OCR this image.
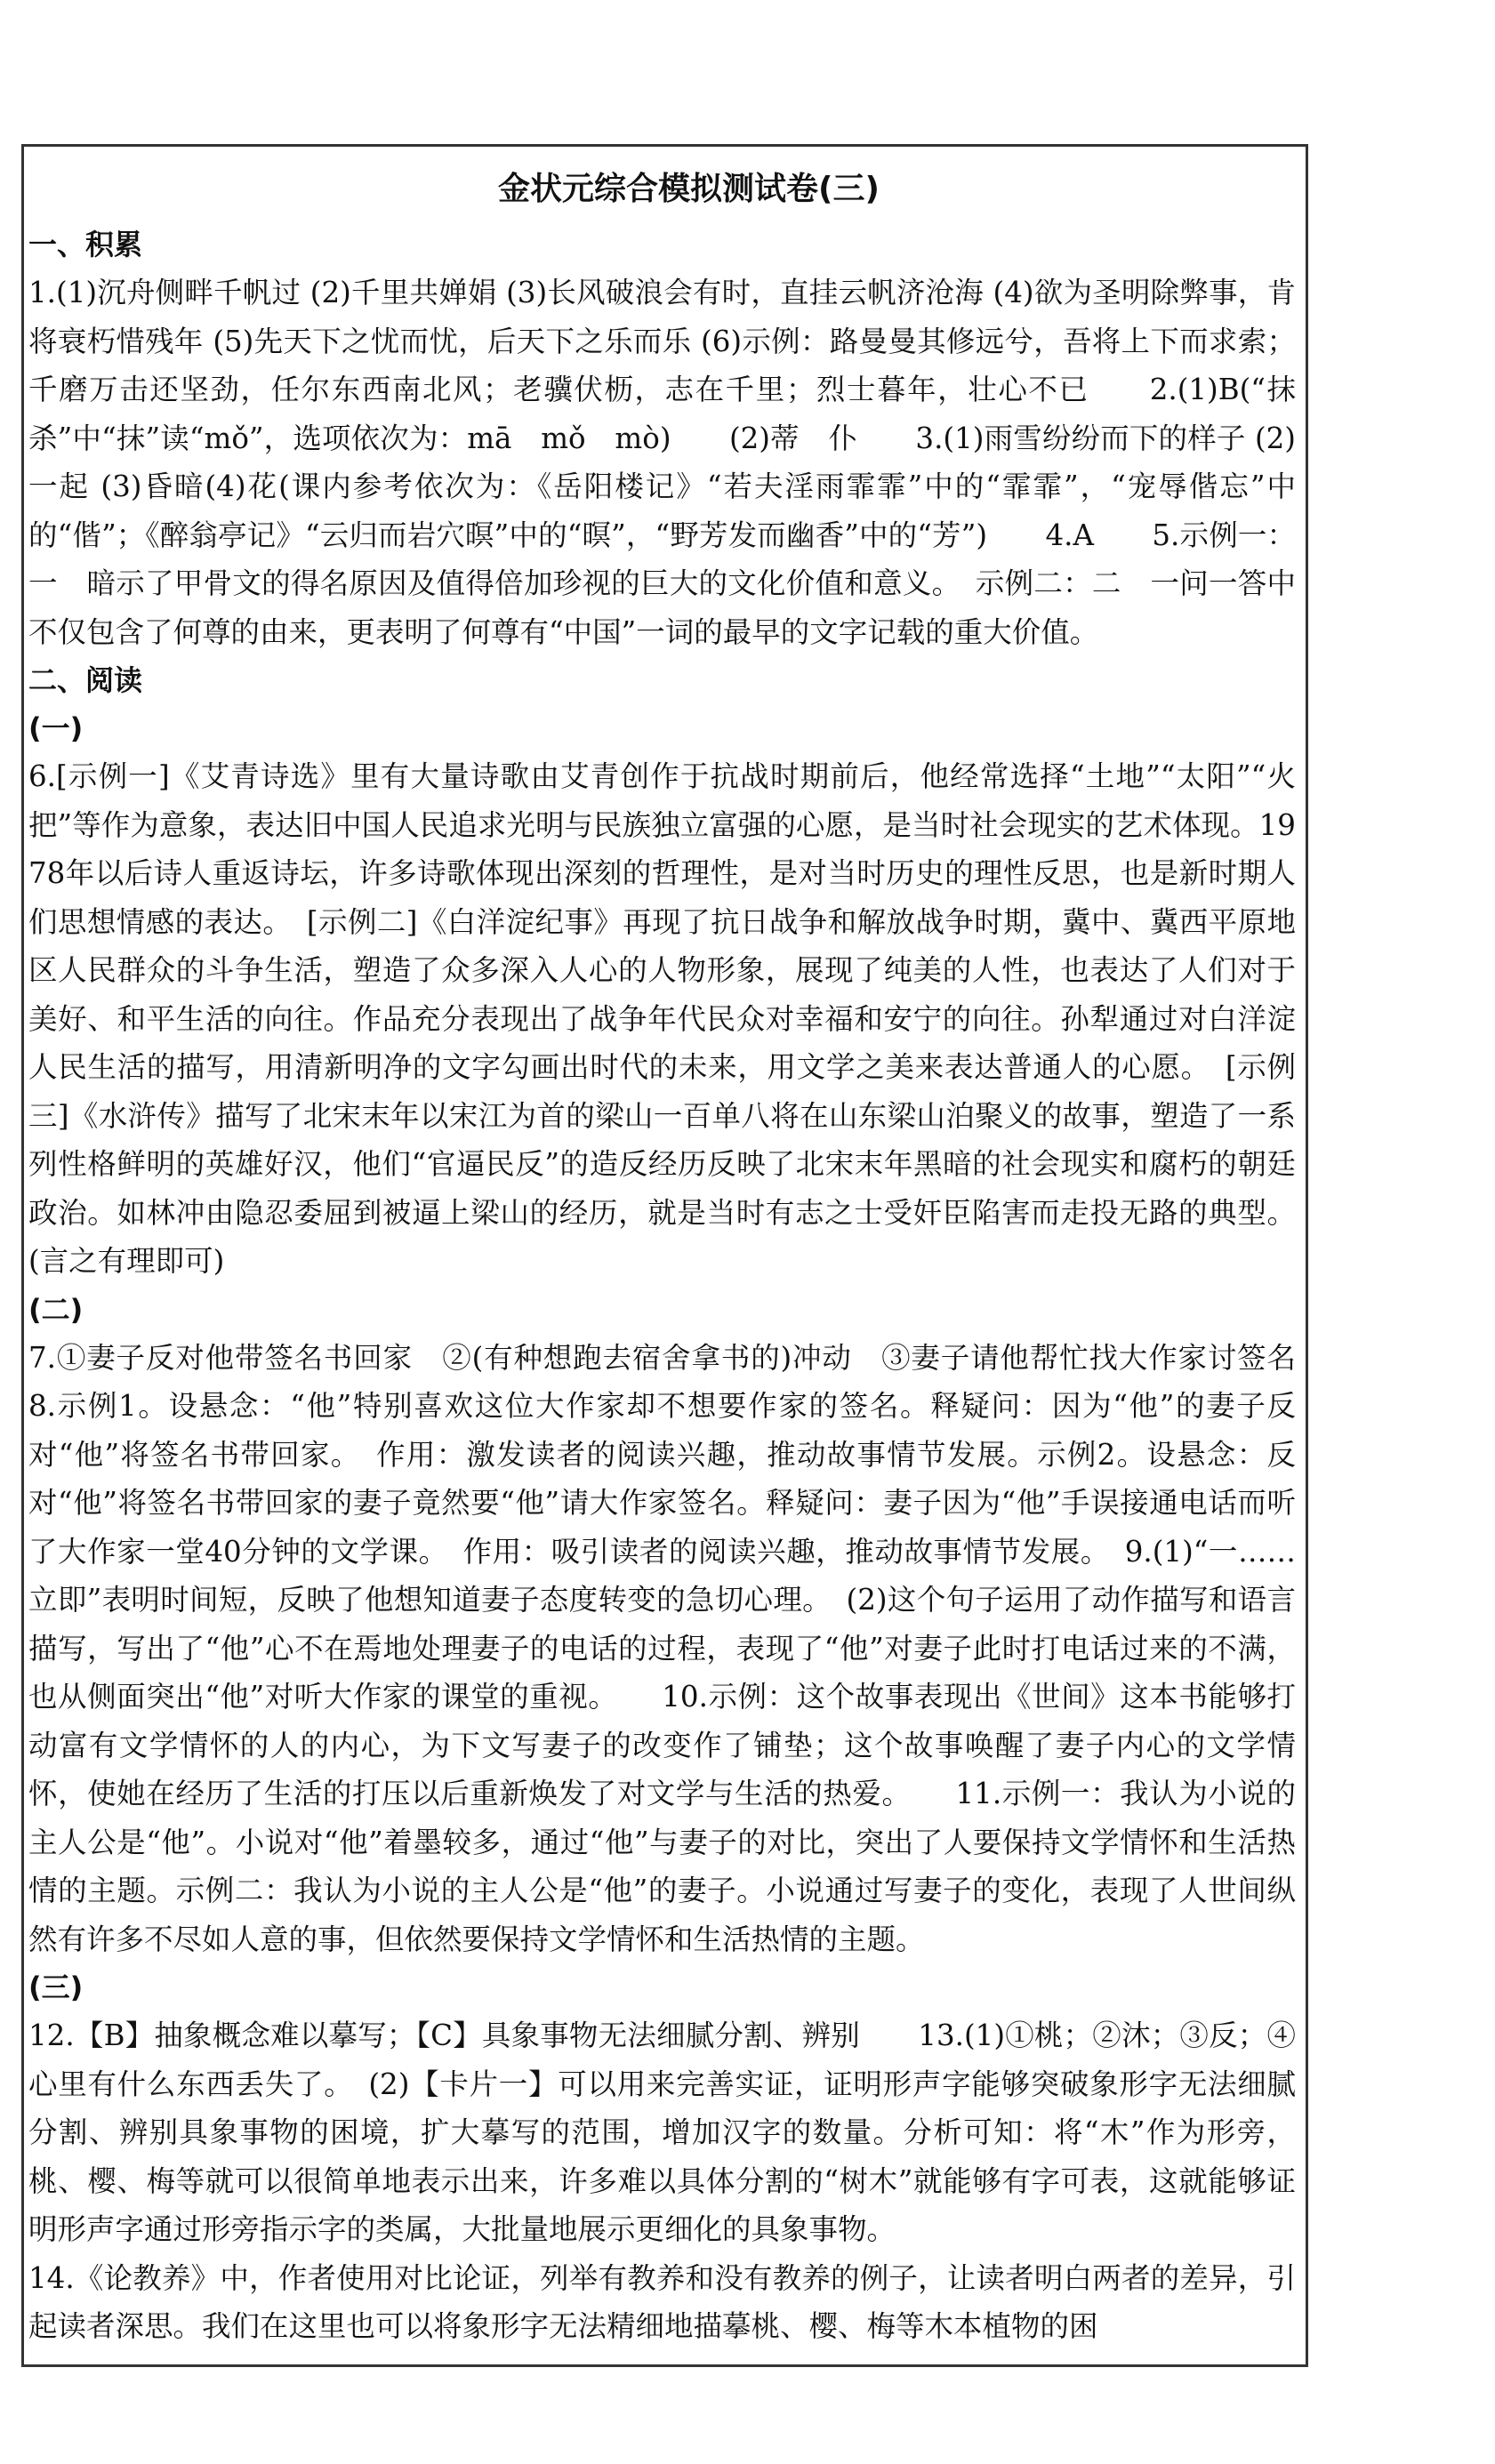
金状元综合模拟测试卷(三)
一、积累

1.(1)沉舟侧畔千帆过 (2)千里共婵娟 (3)长风破浪会有时，直挂云帆济沧海 (4)欲为圣明除弊事，肯将衰朽惜残年 (5)先天下之忧而忧，后天下之乐而乐 (6)示例：路曼曼其修远兮，吾将上下而求索；千磨万击还坚劲，任尔东西南北风；老骥伏枥，志在千里；烈士暮年，壮心不已　　2.(1)B(“抹杀”中“抹”读“mǒ”，选项依次为：mā　mǒ　mò)　　(2)蒂　仆　　3.(1)雨雪纷纷而下的样子 (2)一起 (3)昏暗(4)花(课内参考依次为：《岳阳楼记》“若夫淫雨霏霏”中的“霏霏”，“宠辱偕忘”中的“偕”；《醉翁亭记》“云归而岩穴暝”中的“暝”，“野芳发而幽香”中的“芳”)　　4.A　　5.示例一：一　暗示了甲骨文的得名原因及值得倍加珍视的巨大的文化价值和意义。　示例二：二　一问一答中不仅包含了何尊的由来，更表明了何尊有“中国”一词的最早的文字记载的重大价值。

二、阅读
(一)

6.[示例一]《艾青诗选》里有大量诗歌由艾青创作于抗战时期前后，他经常选择“土地”“太阳”“火把”等作为意象，表达旧中国人民追求光明与民族独立富强的心愿，是当时社会现实的艺术体现。1978年以后诗人重返诗坛，许多诗歌体现出深刻的哲理性，是对当时历史的理性反思，也是新时期人们思想情感的表达。　[示例二]《白洋淀纪事》再现了抗日战争和解放战争时期，冀中、冀西平原地区人民群众的斗争生活，塑造了众多深入人心的人物形象，展现了纯美的人性，也表达了人们对于美好、和平生活的向往。作品充分表现出了战争年代民众对幸福和安宁的向往。孙犁通过对白洋淀人民生活的描写，用清新明净的文字勾画出时代的未来，用文学之美来表达普通人的心愿。　[示例三]《水浒传》描写了北宋末年以宋江为首的梁山一百单八将在山东梁山泊聚义的故事，塑造了一系列性格鲜明的英雄好汉，他们“官逼民反”的造反经历反映了北宋末年黑暗的社会现实和腐朽的朝廷政治。如林冲由隐忍委屈到被逼上梁山的经历，就是当时有志之士受奸臣陷害而走投无路的典型。(言之有理即可)

(二)

7.①妻子反对他带签名书回家　②(有种想跑去宿舍拿书的)冲动　③妻子请他帮忙找大作家讨签名　　8.示例1。设悬念：“他”特别喜欢这位大作家却不想要作家的签名。释疑问：因为“他”的妻子反对“他”将签名书带回家。　作用：激发读者的阅读兴趣，推动故事情节发展。示例2。设悬念：反对“他”将签名书带回家的妻子竟然要“他”请大作家签名。释疑问：妻子因为“他”手误接通电话而听了大作家一堂40分钟的文学课。　作用：吸引读者的阅读兴趣，推动故事情节发展。　9.(1)“一……立即”表明时间短，反映了他想知道妻子态度转变的急切心理。　(2)这个句子运用了动作描写和语言描写，写出了“他”心不在焉地处理妻子的电话的过程，表现了“他”对妻子此时打电话过来的不满，也从侧面突出“他”对听大作家的课堂的重视。　　10.示例：这个故事表现出《世间》这本书能够打动富有文学情怀的人的内心，为下文写妻子的改变作了铺垫；这个故事唤醒了妻子内心的文学情怀，使她在经历了生活的打压以后重新焕发了对文学与生活的热爱。　　11.示例一：我认为小说的主人公是“他”。小说对“他”着墨较多，通过“他”与妻子的对比，突出了人要保持文学情怀和生活热情的主题。示例二：我认为小说的主人公是“他”的妻子。小说通过写妻子的变化，表现了人世间纵然有许多不尽如人意的事，但依然要保持文学情怀和生活热情的主题。

(三)

12.【B】抽象概念难以摹写；【C】具象事物无法细腻分割、辨别　　13.(1)①桃；②沐；③反；④心里有什么东西丢失了。　(2)【卡片一】可以用来完善实证，证明形声字能够突破象形字无法细腻分割、辨别具象事物的困境，扩大摹写的范围，增加汉字的数量。分析可知：将“木”作为形旁，桃、樱、梅等就可以很简单地表示出来，许多难以具体分割的“树木”就能够有字可表，这就能够证明形声字通过形旁指示字的类属，大批量地展示更细化的具象事物。

14.《论教养》中，作者使用对比论证，列举有教养和没有教养的例子，让读者明白两者的差异，引起读者深思。我们在这里也可以将象形字无法精细地描摹桃、樱、梅等木本植物的困
